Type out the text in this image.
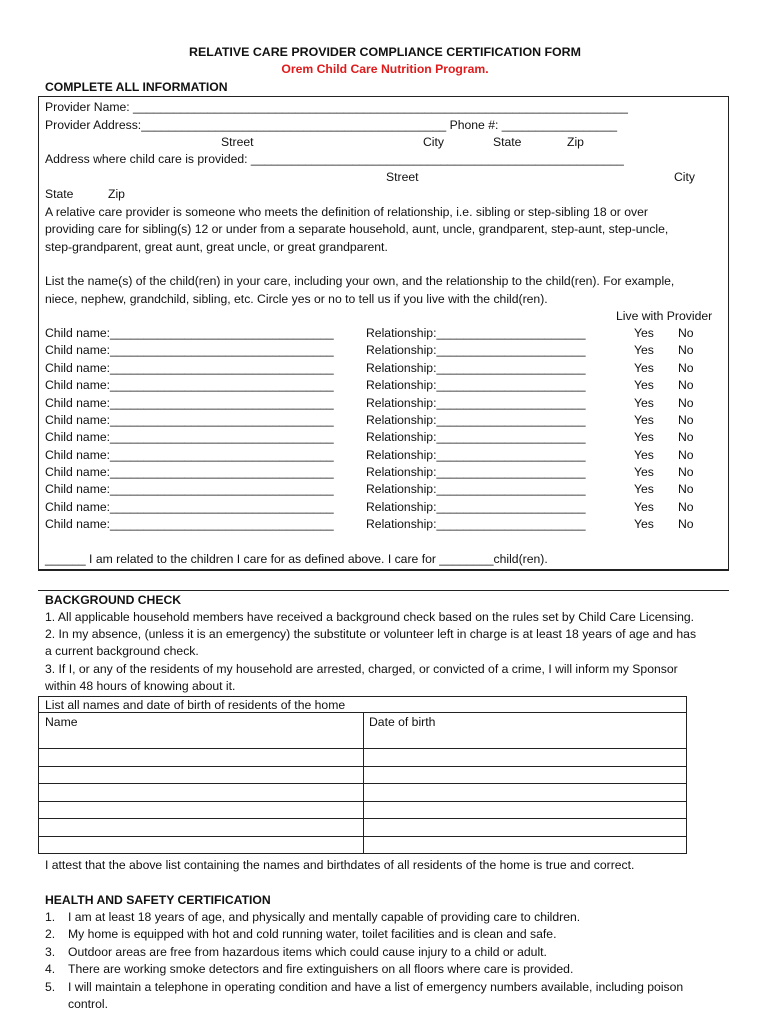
RELATIVE CARE PROVIDER COMPLIANCE CERTIFICATION FORM
Orem Child Care Nutrition Program.
COMPLETE ALL INFORMATION
Provider Name: _________________________________________________________________________
Provider Address:_____________________________________________ Phone #: _________________
Street	City	State	Zip
Address where child care is provided: _______________________________________________________
Street	City
State	Zip
A relative care provider is someone who meets the definition of relationship, i.e. sibling or step-sibling 18 or over
providing care for sibling(s) 12 or under from a separate household, aunt, uncle, grandparent, step-aunt, step-uncle,
step-grandparent, great aunt, great uncle, or great grandparent.
List the name(s) of the child(ren) in your care, including your own, and the relationship to the child(ren). For example,
niece, nephew, grandchild, sibling, etc. Circle yes or no to tell us if you live with the child(ren).
Live with Provider
Child name:_________________________________	Relationship:______________________	Yes No
Child name:_________________________________	Relationship:______________________	Yes No
Child name:_________________________________	Relationship:______________________	Yes No
Child name:_________________________________	Relationship:______________________	Yes No
Child name:_________________________________	Relationship:______________________	Yes No
Child name:_________________________________	Relationship:______________________	Yes No
Child name:_________________________________	Relationship:______________________	Yes No
Child name:_________________________________	Relationship:______________________	Yes No
Child name:_________________________________	Relationship:______________________	Yes No
Child name:_________________________________	Relationship:______________________	Yes No
Child name:_________________________________	Relationship:______________________	Yes No
Child name:_________________________________	Relationship:______________________	Yes No
______ I am related to the children I care for as defined above. I care for ________child(ren).
BACKGROUND CHECK
1. All applicable household members have received a background check based on the rules set by Child Care Licensing.
2. In my absence, (unless it is an emergency) the substitute or volunteer left in charge is at least 18 years of age and has
a current background check.
3. If I, or any of the residents of my household are arrested, charged, or convicted of a crime, I will inform my Sponsor
within 48 hours of knowing about it.
List all names and date of birth of residents of the home
Name	Date of birth
I attest that the above list containing the names and birthdates of all residents of the home is true and correct.
HEALTH AND SAFETY CERTIFICATION
1. I am at least 18 years of age, and physically and mentally capable of providing care to children.
2. My home is equipped with hot and cold running water, toilet facilities and is clean and safe.
3. Outdoor areas are free from hazardous items which could cause injury to a child or adult.
4. There are working smoke detectors and fire extinguishers on all floors where care is provided.
5. I will maintain a telephone in operating condition and have a list of emergency numbers available, including poison
control.
